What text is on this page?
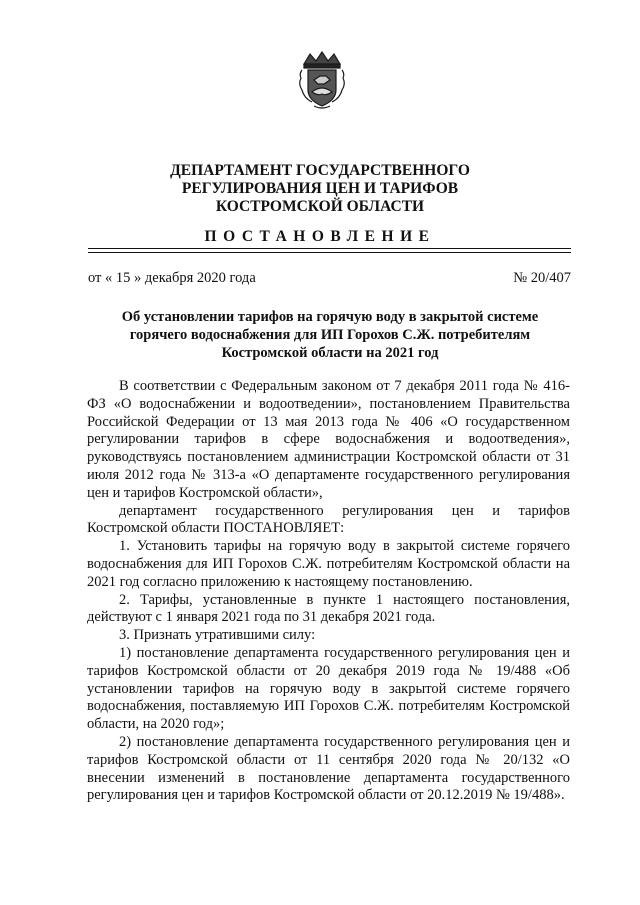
ДЕПАРТАМЕНТ ГОСУДАРСТВЕННОГО
РЕГУЛИРОВАНИЯ ЦЕН И ТАРИФОВ
КОСТРОМСКОЙ ОБЛАСТИ
ПОСТАНОВЛЕНИЕ
от « 15 » декабря 2020 года	№ 20/407
Об установлении тарифов на горячую воду в закрытой системе
горячего водоснабжения для ИП Горохов С.Ж. потребителям
Костромской области на 2021 год

В соответствии с Федеральным законом от 7 декабря 2011 года № 416-ФЗ «О водоснабжении и водоотведении», постановлением Правительства Российской Федерации от 13 мая 2013 года № 406 «О государственном регулировании тарифов в сфере водоснабжения и водоотведения», руководствуясь постановлением администрации Костромской области от 31 июля 2012 года № 313-а «О департаменте государственного регулирования цен и тарифов Костромской области»,

департамент государственного регулирования цен и тарифов Костромской области ПОСТАНОВЛЯЕТ:

1. Установить тарифы на горячую воду в закрытой системе горячего водоснабжения для ИП Горохов С.Ж. потребителям Костромской области на 2021 год согласно приложению к настоящему постановлению.

2. Тарифы, установленные в пункте 1 настоящего постановления, действуют с 1 января 2021 года по 31 декабря 2021 года.

3. Признать утратившими силу:

1) постановление департамента государственного регулирования цен и тарифов Костромской области от 20 декабря 2019 года № 19/488 «Об установлении тарифов на горячую воду в закрытой системе горячего водоснабжения, поставляемую ИП Горохов С.Ж. потребителям Костромской области, на 2020 год»;

2) постановление департамента государственного регулирования цен и тарифов Костромской области от 11 сентября 2020 года № 20/132 «О внесении изменений в постановление департамента государственного регулирования цен и тарифов Костромской области от 20.12.2019 № 19/488».
